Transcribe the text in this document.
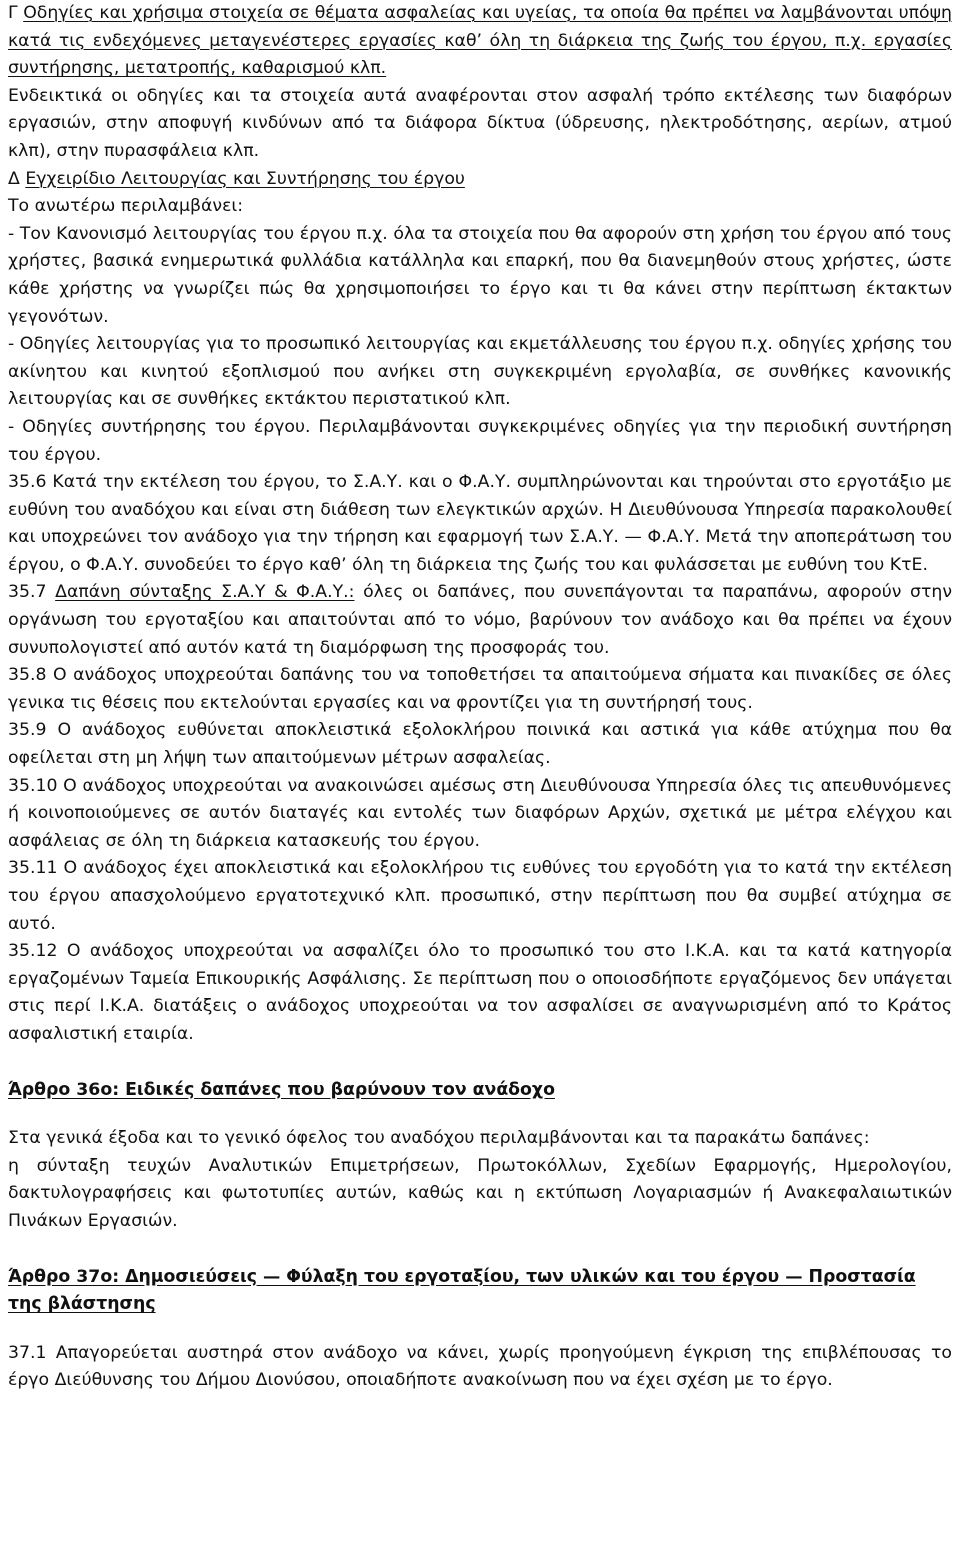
Γ Οδηγίες και χρήσιμα στοιχεία σε θέματα ασφαλείας και υγείας, τα οποία θα πρέπει να λαμβάνονται υπόψη κατά τις ενδεχόμενες μεταγενέστερες εργασίες καθ’ όλη τη διάρκεια της ζωής του έργου, π.χ. εργασίες συντήρησης, μετατροπής, καθαρισμού κλπ.

Ενδεικτικά οι οδηγίες και τα στοιχεία αυτά αναφέρονται στον ασφαλή τρόπο εκτέλεσης των διαφόρων εργασιών, στην αποφυγή κινδύνων από τα διάφορα δίκτυα (ύδρευσης, ηλεκτροδότησης, αερίων, ατμού κλπ), στην πυρασφάλεια κλπ.

Δ Εγχειρίδιο Λειτουργίας και Συντήρησης του έργου

Το ανωτέρω περιλαμβάνει:

- Τον Κανονισμό λειτουργίας του έργου π.χ. όλα τα στοιχεία που θα αφορούν στη χρήση του έργου από τους χρήστες, βασικά ενημερωτικά φυλλάδια κατάλληλα και επαρκή, που θα διανεμηθούν στους χρήστες, ώστε κάθε χρήστης να γνωρίζει πώς θα χρησιμοποιήσει το έργο και τι θα κάνει στην περίπτωση έκτακτων γεγονότων.

- Οδηγίες λειτουργίας για το προσωπικό λειτουργίας και εκμετάλλευσης του έργου π.χ. οδηγίες χρήσης του ακίνητου και κινητού εξοπλισμού που ανήκει στη συγκεκριμένη εργολαβία, σε συνθήκες κανονικής λειτουργίας και σε συνθήκες εκτάκτου περιστατικού κλπ.

- Οδηγίες συντήρησης του έργου. Περιλαμβάνονται συγκεκριμένες οδηγίες για την περιοδική συντήρηση του έργου.

35.6 Κατά την εκτέλεση του έργου, το Σ.Α.Υ. και ο Φ.Α.Υ. συμπληρώνονται και τηρούνται στο εργοτάξιο με ευθύνη του αναδόχου και είναι στη διάθεση των ελεγκτικών αρχών. Η Διευθύνουσα Υπηρεσία παρακολουθεί και υποχρεώνει τον ανάδοχο για την τήρηση και εφαρμογή των Σ.Α.Υ. — Φ.Α.Υ. Μετά την αποπεράτωση του έργου, ο Φ.Α.Υ. συνοδεύει το έργο καθ’ όλη τη διάρκεια της ζωής του και φυλάσσεται με ευθύνη του ΚτΕ.

35.7 Δαπάνη σύνταξης Σ.Α.Υ & Φ.Α.Υ.: όλες οι δαπάνες, που συνεπάγονται τα παραπάνω, αφορούν στην οργάνωση του εργοταξίου και απαιτούνται από το νόμο, βαρύνουν τον ανάδοχο και θα πρέπει να έχουν συνυπολογιστεί από αυτόν κατά τη διαμόρφωση της προσφοράς του.

35.8 Ο ανάδοχος υποχρεούται δαπάνης του να τοποθετήσει τα απαιτούμενα σήματα και πινακίδες σε όλες γενικα τις θέσεις που εκτελούνται εργασίες και να φροντίζει για τη συντήρησή τους.

35.9 Ο ανάδοχος ευθύνεται αποκλειστικά εξολοκλήρου ποινικά και αστικά για κάθε ατύχημα που θα οφείλεται στη μη λήψη των απαιτούμενων μέτρων ασφαλείας.

35.10 Ο ανάδοχος υποχρεούται να ανακοινώσει αμέσως στη Διευθύνουσα Υπηρεσία όλες τις απευθυνόμενες ή κοινοποιούμενες σε αυτόν διαταγές και εντολές των διαφόρων Αρχών, σχετικά με μέτρα ελέγχου και ασφάλειας σε όλη τη διάρκεια κατασκευής του έργου.

35.11 Ο ανάδοχος έχει αποκλειστικά και εξολοκλήρου τις ευθύνες του εργοδότη για το κατά την εκτέλεση του έργου απασχολούμενο εργατοτεχνικό κλπ. προσωπικό, στην περίπτωση που θα συμβεί ατύχημα σε αυτό.

35.12 Ο ανάδοχος υποχρεούται να ασφαλίζει όλο το προσωπικό του στο Ι.Κ.Α. και τα κατά κατηγορία εργαζομένων Ταμεία Επικουρικής Ασφάλισης. Σε περίπτωση που ο οποιοσδήποτε εργαζόμενος δεν υπάγεται στις περί Ι.Κ.Α. διατάξεις ο ανάδοχος υποχρεούται να τον ασφαλίσει σε αναγνωρισμένη από το Κράτος ασφαλιστική εταιρία.

Άρθρο 36ο: Ειδικές δαπάνες που βαρύνουν τον ανάδοχο

Στα γενικά έξοδα και το γενικό όφελος του αναδόχου περιλαμβάνονται και τα παρακάτω δαπάνες:

η σύνταξη τευχών Αναλυτικών Επιμετρήσεων, Πρωτοκόλλων, Σχεδίων Εφαρμογής, Ημερολογίου, δακτυλογραφήσεις και φωτοτυπίες αυτών, καθώς και η εκτύπωση Λογαριασμών ή Ανακεφαλαιωτικών Πινάκων Εργασιών.

Άρθρο 37ο: Δημοσιεύσεις — Φύλαξη του εργοταξίου, των υλικών και του έργου — Προστασία της βλάστησης

37.1 Απαγορεύεται αυστηρά στον ανάδοχο να κάνει, χωρίς προηγούμενη έγκριση της επιβλέπουσας το έργο Διεύθυνσης του Δήμου Διονύσου, οποιαδήποτε ανακοίνωση που να έχει σχέση με το έργο.
